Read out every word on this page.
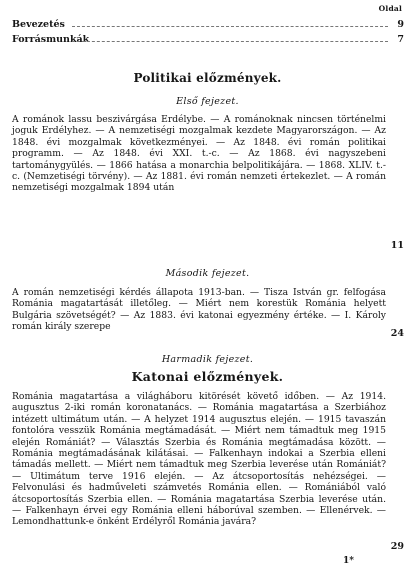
Oldal
Bevezetés	9
Forrásmunkák	7
Politikai előzmények.
Első fejezet.
A románok lassu beszivárgása Erdélybe. — A románoknak nincsen történelmi joguk Erdélyhez. — A nemzetiségi mozgalmak kezdete Magyarországon. — Az 1848. évi mozgalmak következményei. — Az 1848. évi román politikai programm. — Az 1848. évi XXI. t.-c. — Az 1868. évi nagyszebeni tartománygyülés. — 1866 hatása a monarchia belpolitikájára. — 1868. XLIV. t.-c. (Nemzetiségi törvény). — Az 1881. évi román nemzeti értekezlet. — A román nemzetiségi mozgalmak 1894 után
11
Második fejezet.
A román nemzetiségi kérdés állapota 1913-ban. — Tisza István gr. felfogása Románia magatartását illetőleg. — Miért nem korestük Románia helyett Bulgária szövetségét? — Az 1883. évi katonai egyezmény értéke. — I. Károly román király szerepe
24
Harmadik fejezet.
Katonai előzmények.
Románia magatartása a világháboru kitörését követő időben. — Az 1914. augusztus 2-iki román koronatanács. — Románia magatartása a Szerbiához intézett ultimátum után. — A helyzet 1914 augusztus elején. — 1915 tavaszán fontolóra vesszük Románia megtámadását. — Miért nem támadtuk meg 1915 elején Romániát? — Választás Szerbia és Románia megtámadása között. — Románia megtámadásának kilátásai. — Falkenhayn indokai a Szerbia elleni támadás mellett. — Miért nem támadtuk meg Szerbia leverése után Romániát? — Ultimátum terve 1916 elején. — Az átcsoportosítás nehézségei. — Felvonulási és hadműveleti számvetés Románia ellen. — Romániából való átcsoportosítás Szerbia ellen. — Románia magatartása Szerbia leverése után. — Falkenhayn érvei egy Románia elleni háborúval szemben. — Ellenérvek. — Lemondhattunk-e önként Erdélyről Románia javára?
29
1*
